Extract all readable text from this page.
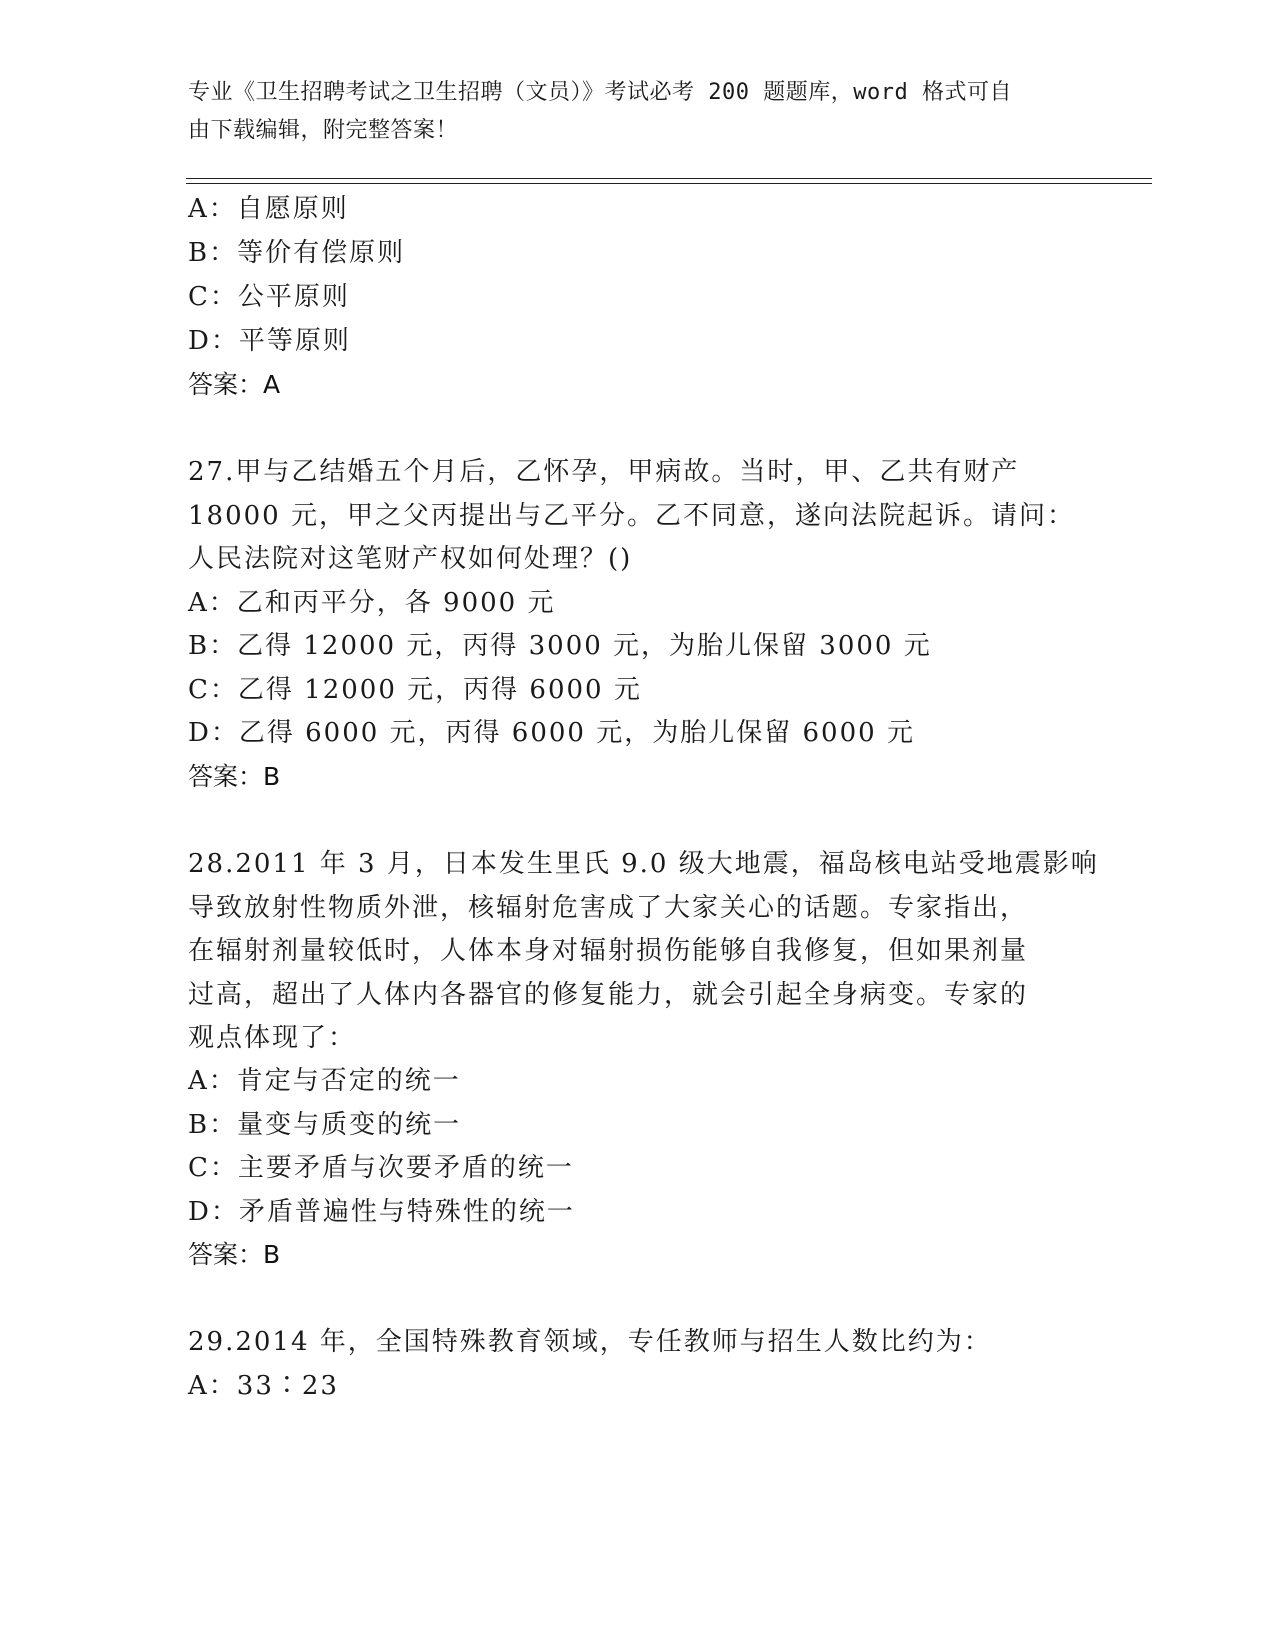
专业《卫生招聘考试之卫生招聘（文员）》考试必考 200 题题库，word 格式可自
由下载编辑，附完整答案！
A：自愿原则
B：等价有偿原则
C：公平原则
D：平等原则
答案：A
27.甲与乙结婚五个月后，乙怀孕，甲病故。当时，甲、乙共有财产
18000 元，甲之父丙提出与乙平分。乙不同意，遂向法院起诉。请问：
人民法院对这笔财产权如何处理？()
A：乙和丙平分，各 9000 元
B：乙得 12000 元，丙得 3000 元，为胎儿保留 3000 元
C：乙得 12000 元，丙得 6000 元
D：乙得 6000 元，丙得 6000 元，为胎儿保留 6000 元
答案：B
28.2011 年 3 月，日本发生里氏 9.0 级大地震，福岛核电站受地震影响
导致放射性物质外泄，核辐射危害成了大家关心的话题。专家指出，
在辐射剂量较低时，人体本身对辐射损伤能够自我修复，但如果剂量
过高，超出了人体内各器官的修复能力，就会引起全身病变。专家的
观点体现了：
A：肯定与否定的统一
B：量变与质变的统一
C：主要矛盾与次要矛盾的统一
D：矛盾普遍性与特殊性的统一
答案：B
29.2014 年，全国特殊教育领域，专任教师与招生人数比约为：
A：33∶23
